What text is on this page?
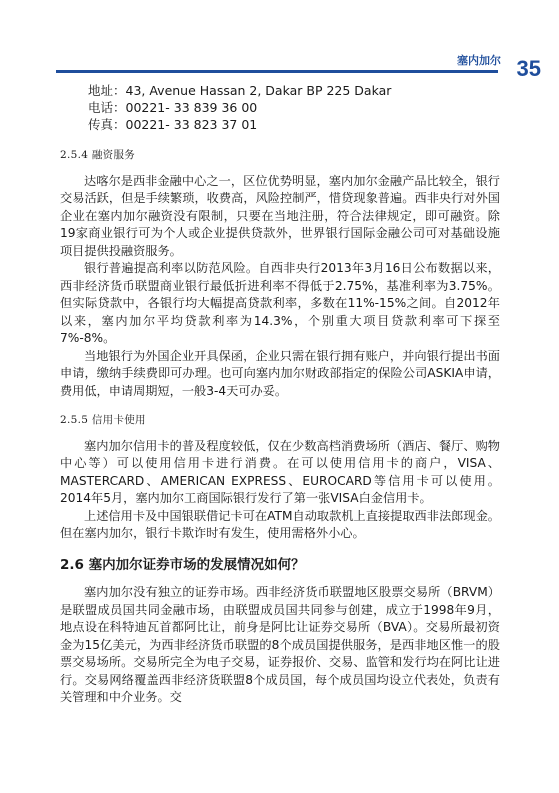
塞内加尔 35
地址：43, Avenue Hassan 2, Dakar BP 225 Dakar
电话：00221- 33 839 36 00
传真：00221- 33 823 37 01
2.5.4 融资服务

达喀尔是西非金融中心之一，区位优势明显，塞内加尔金融产品比较全，银行交易活跃，但是手续繁琐，收费高，风险控制严，惜贷现象普遍。西非央行对外国企业在塞内加尔融资没有限制，只要在当地注册，符合法律规定，即可融资。除19家商业银行可为个人或企业提供贷款外，世界银行国际金融公司可对基础设施项目提供投融资服务。

银行普遍提高利率以防范风险。自西非央行2013年3月16日公布数据以来，西非经济货币联盟商业银行最低折进利率不得低于2.75%，基准利率为3.75%。但实际贷款中，各银行均大幅提高贷款利率，多数在11%-15%之间。自2012年以来，塞内加尔平均贷款利率为14.3%，个别重大项目贷款利率可下探至7%-8%。

当地银行为外国企业开具保函，企业只需在银行拥有账户，并向银行提出书面申请，缴纳手续费即可办理。也可向塞内加尔财政部指定的保险公司ASKIA申请，费用低，申请周期短，一般3-4天可办妥。

2.5.5 信用卡使用

塞内加尔信用卡的普及程度较低，仅在少数高档消费场所（酒店、餐厅、购物中心等）可以使用信用卡进行消费。在可以使用信用卡的商户，VISA、MASTERCARD、AMERICAN EXPRESS、EUROCARD等信用卡可以使用。2014年5月，塞内加尔工商国际银行发行了第一张VISA白金信用卡。

上述信用卡及中国银联借记卡可在ATM自动取款机上直接提取西非法郎现金。但在塞内加尔，银行卡欺诈时有发生，使用需格外小心。

2.6 塞内加尔证券市场的发展情况如何？

塞内加尔没有独立的证券市场。西非经济货币联盟地区股票交易所（BRVM）是联盟成员国共同金融市场，由联盟成员国共同参与创建，成立于1998年9月，地点设在科特迪瓦首都阿比让，前身是阿比让证券交易所（BVA）。交易所最初资金为15亿美元，为西非经济货币联盟的8个成员国提供服务，是西非地区惟一的股票交易场所。交易所完全为电子交易，证券报价、交易、监管和发行均在阿比让进行。交易网络覆盖西非经济货联盟8个成员国，每个成员国均设立代表处，负责有关管理和中介业务。交
